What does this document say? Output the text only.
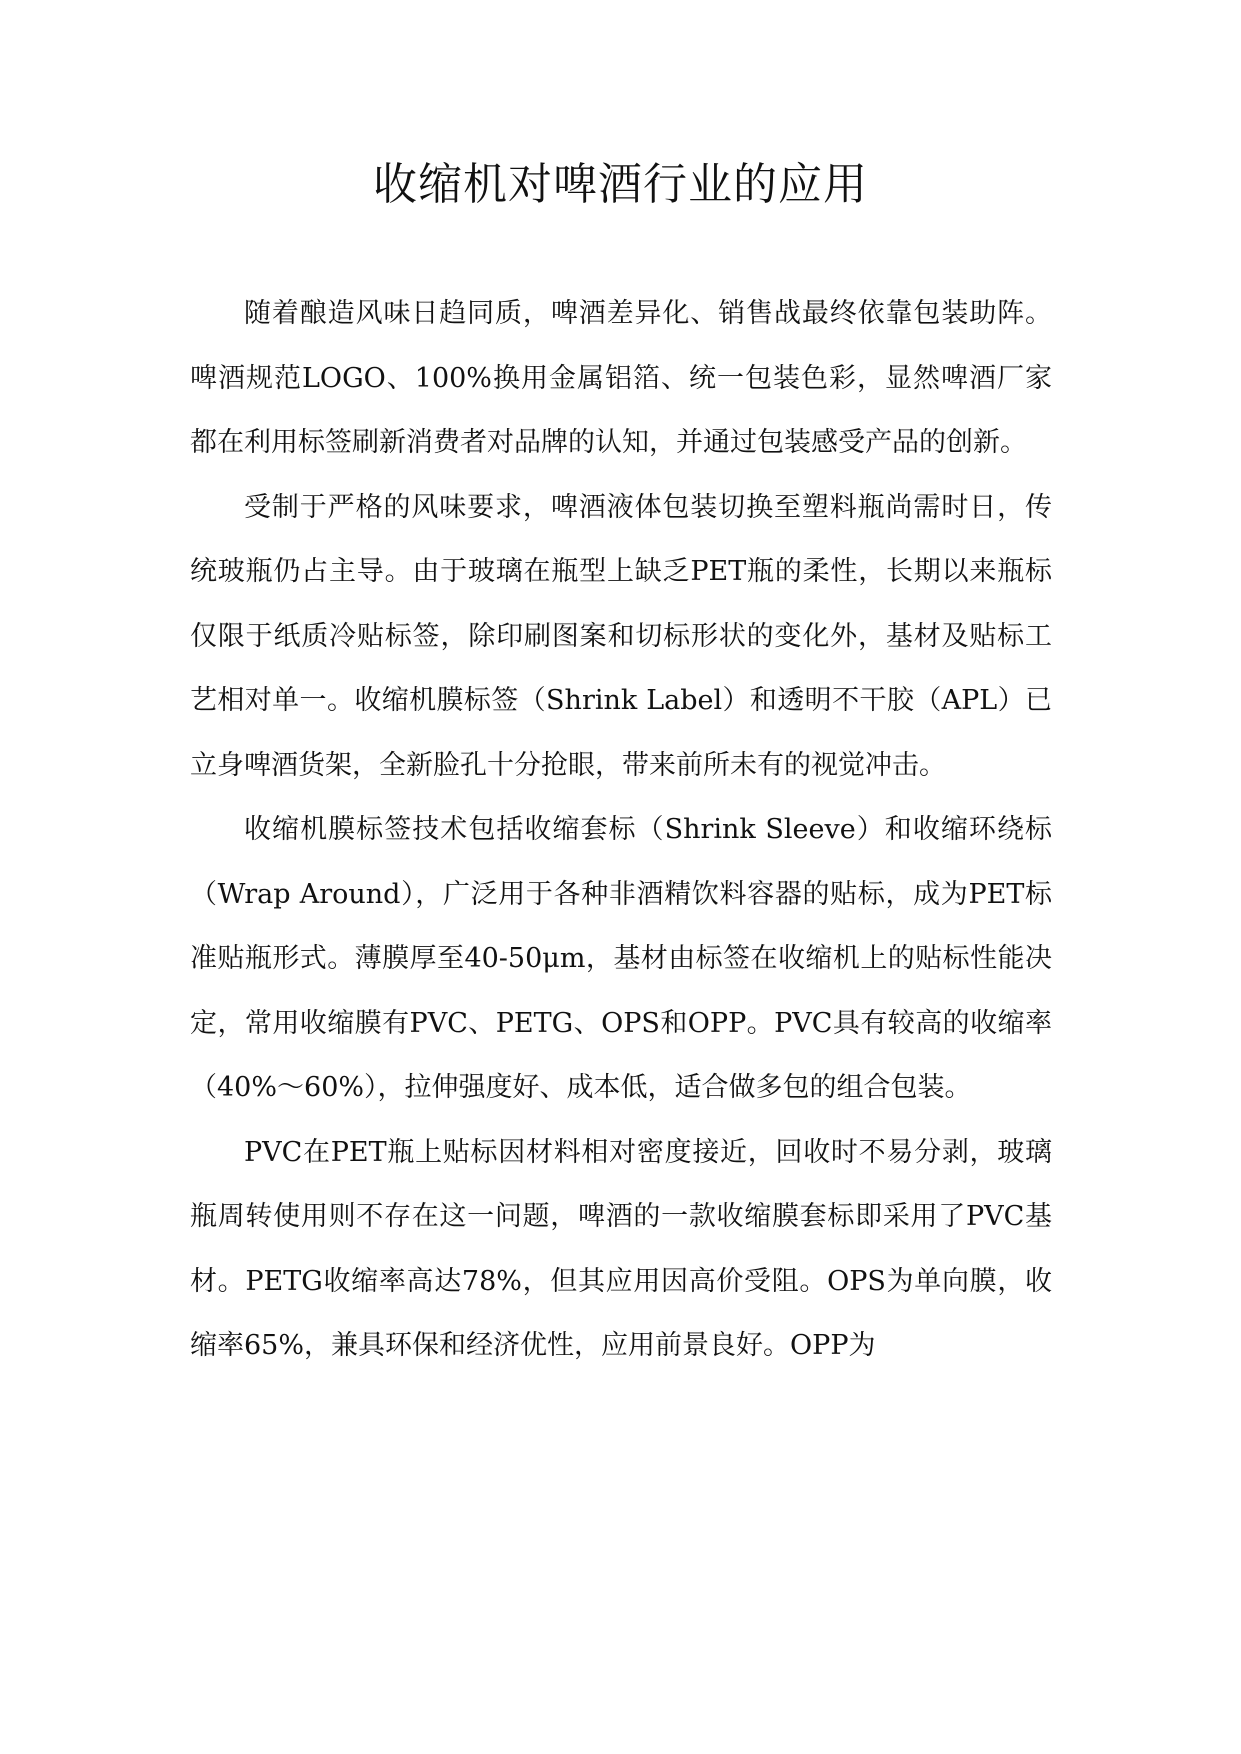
收缩机对啤酒行业的应用

随着酿造风味日趋同质，啤酒差异化、销售战最终依靠包装助阵。啤酒规范LOGO、100%换用金属铝箔、统一包装色彩，显然啤酒厂家都在利用标签刷新消费者对品牌的认知，并通过包装感受产品的创新。

受制于严格的风味要求，啤酒液体包装切换至塑料瓶尚需时日，传统玻瓶仍占主导。由于玻璃在瓶型上缺乏PET瓶的柔性，长期以来瓶标仅限于纸质冷贴标签，除印刷图案和切标形状的变化外，基材及贴标工艺相对单一。收缩机膜标签（Shrink Label）和透明不干胶（APL）已立身啤酒货架，全新脸孔十分抢眼，带来前所未有的视觉冲击。

收缩机膜标签技术包括收缩套标（Shrink Sleeve）和收缩环绕标（Wrap Around），广泛用于各种非酒精饮料容器的贴标，成为PET标准贴瓶形式。薄膜厚至40-50μm，基材由标签在收缩机上的贴标性能决定，常用收缩膜有PVC、PETG、OPS和OPP。PVC具有较高的收缩率（40%～60%），拉伸强度好、成本低，适合做多包的组合包装。

PVC在PET瓶上贴标因材料相对密度接近，回收时不易分剥，玻璃瓶周转使用则不存在这一问题，啤酒的一款收缩膜套标即采用了PVC基材。PETG收缩率高达78%，但其应用因高价受阻。OPS为单向膜，收缩率65%，兼具环保和经济优性，应用前景良好。OPP为
